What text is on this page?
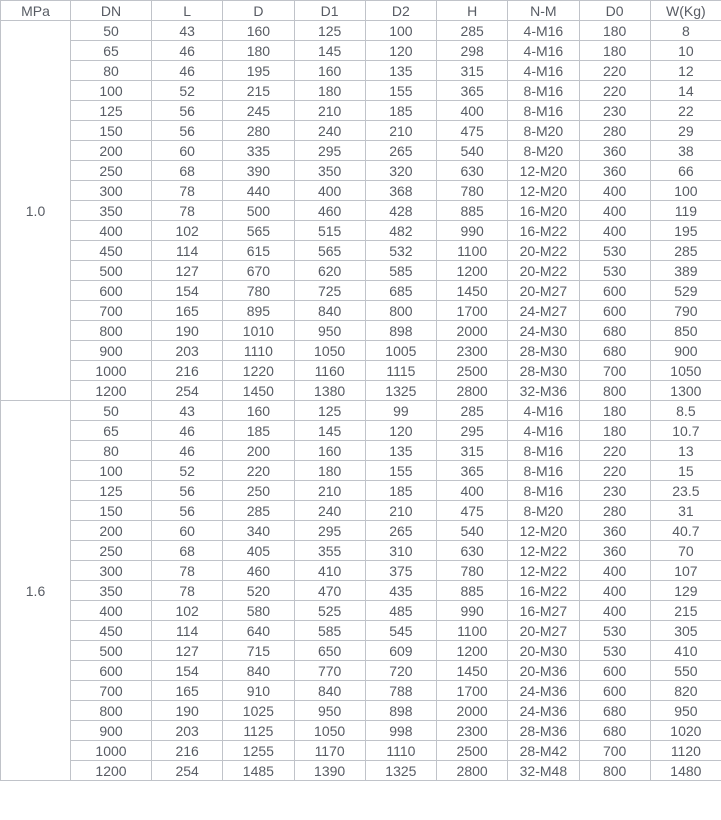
MPa	DN	L	D	D1	D2	H	N-M	D0	W(Kg)
1.0	50	43	160	125	100	285	4-M16	180	8
	65	46	180	145	120	298	4-M16	180	10
	80	46	195	160	135	315	4-M16	220	12
	100	52	215	180	155	365	8-M16	220	14
	125	56	245	210	185	400	8-M16	230	22
	150	56	280	240	210	475	8-M20	280	29
	200	60	335	295	265	540	8-M20	360	38
	250	68	390	350	320	630	12-M20	360	66
	300	78	440	400	368	780	12-M20	400	100
	350	78	500	460	428	885	16-M20	400	119
	400	102	565	515	482	990	16-M22	400	195
	450	114	615	565	532	1100	20-M22	530	285
	500	127	670	620	585	1200	20-M22	530	389
	600	154	780	725	685	1450	20-M27	600	529
	700	165	895	840	800	1700	24-M27	600	790
	800	190	1010	950	898	2000	24-M30	680	850
	900	203	1110	1050	1005	2300	28-M30	680	900
	1000	216	1220	1160	1115	2500	28-M30	700	1050
	1200	254	1450	1380	1325	2800	32-M36	800	1300
1.6	50	43	160	125	99	285	4-M16	180	8.5
	65	46	185	145	120	295	4-M16	180	10.7
	80	46	200	160	135	315	8-M16	220	13
	100	52	220	180	155	365	8-M16	220	15
	125	56	250	210	185	400	8-M16	230	23.5
	150	56	285	240	210	475	8-M20	280	31
	200	60	340	295	265	540	12-M20	360	40.7
	250	68	405	355	310	630	12-M22	360	70
	300	78	460	410	375	780	12-M22	400	107
	350	78	520	470	435	885	16-M22	400	129
	400	102	580	525	485	990	16-M27	400	215
	450	114	640	585	545	1100	20-M27	530	305
	500	127	715	650	609	1200	20-M30	530	410
	600	154	840	770	720	1450	20-M36	600	550
	700	165	910	840	788	1700	24-M36	600	820
	800	190	1025	950	898	2000	24-M36	680	950
	900	203	1125	1050	998	2300	28-M36	680	1020
	1000	216	1255	1170	1110	2500	28-M42	700	1120
	1200	254	1485	1390	1325	2800	32-M48	800	1480
